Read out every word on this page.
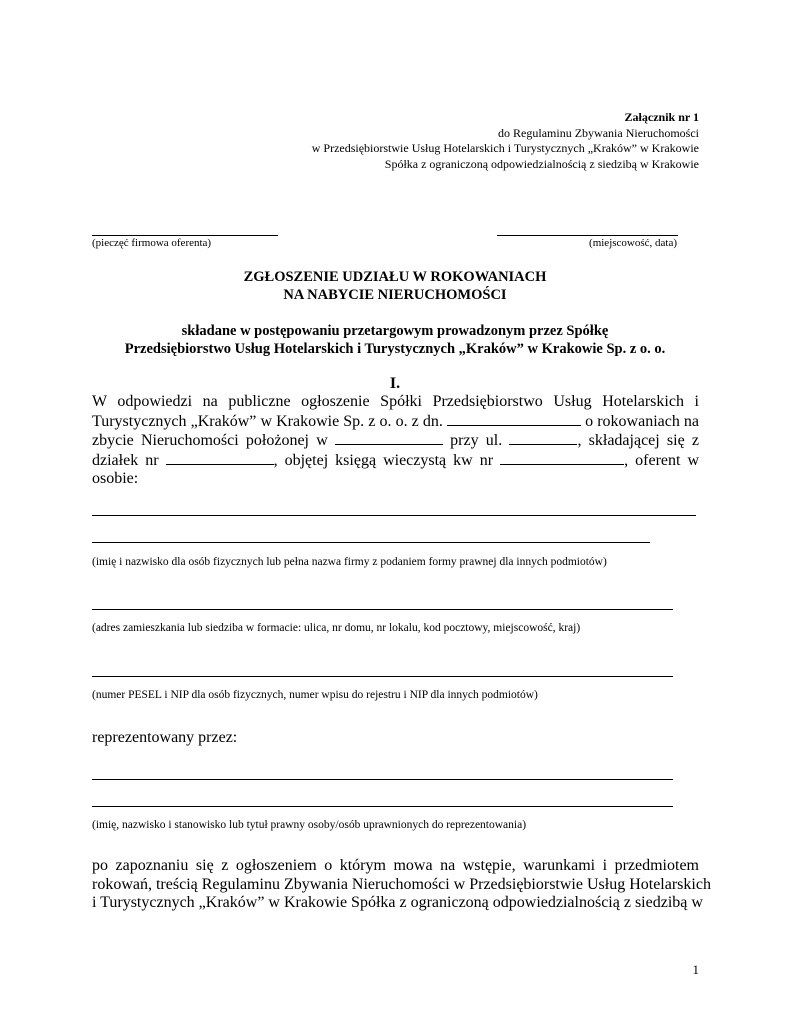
Załącznik nr 1
do Regulaminu Zbywania Nieruchomości
w Przedsiębiorstwie Usług Hotelarskich i Turystycznych „Kraków” w Krakowie
Spółka z ograniczoną odpowiedzialnością z siedzibą w Krakowie
(pieczęć firmowa oferenta)	(miejscowość, data)
ZGŁOSZENIE UDZIAŁU W ROKOWANIACH
NA NABYCIE NIERUCHOMOŚCI
składane w postępowaniu przetargowym prowadzonym przez Spółkę
Przedsiębiorstwo Usług Hotelarskich i Turystycznych „Kraków” w Krakowie Sp. z o. o.
I.
W odpowiedzi na publiczne ogłoszenie Spółki Przedsiębiorstwo Usług Hotelarskich i
Turystycznych „Kraków” w Krakowie Sp. z o. o. z dn.	o rokowaniach na
zbycie Nieruchomości położonej w	przy ul.	, składającej się z
działek nr	, objętej księgą wieczystą kw nr	, oferent w
osobie:
(imię i nazwisko dla osób fizycznych lub pełna nazwa firmy z podaniem formy prawnej dla innych podmiotów)
(adres zamieszkania lub siedziba w formacie: ulica, nr domu, nr lokalu, kod pocztowy, miejscowość, kraj)
(numer PESEL i NIP dla osób fizycznych, numer wpisu do rejestru i NIP dla innych podmiotów)
reprezentowany przez:
(imię, nazwisko i stanowisko lub tytuł prawny osoby/osób uprawnionych do reprezentowania)
po zapoznaniu się z ogłoszeniem o którym mowa na wstępie, warunkami i przedmiotem
rokowań, treścią Regulaminu Zbywania Nieruchomości w Przedsiębiorstwie Usług Hotelarskich
i Turystycznych „Kraków” w Krakowie Spółka z ograniczoną odpowiedzialnością z siedzibą w
1
